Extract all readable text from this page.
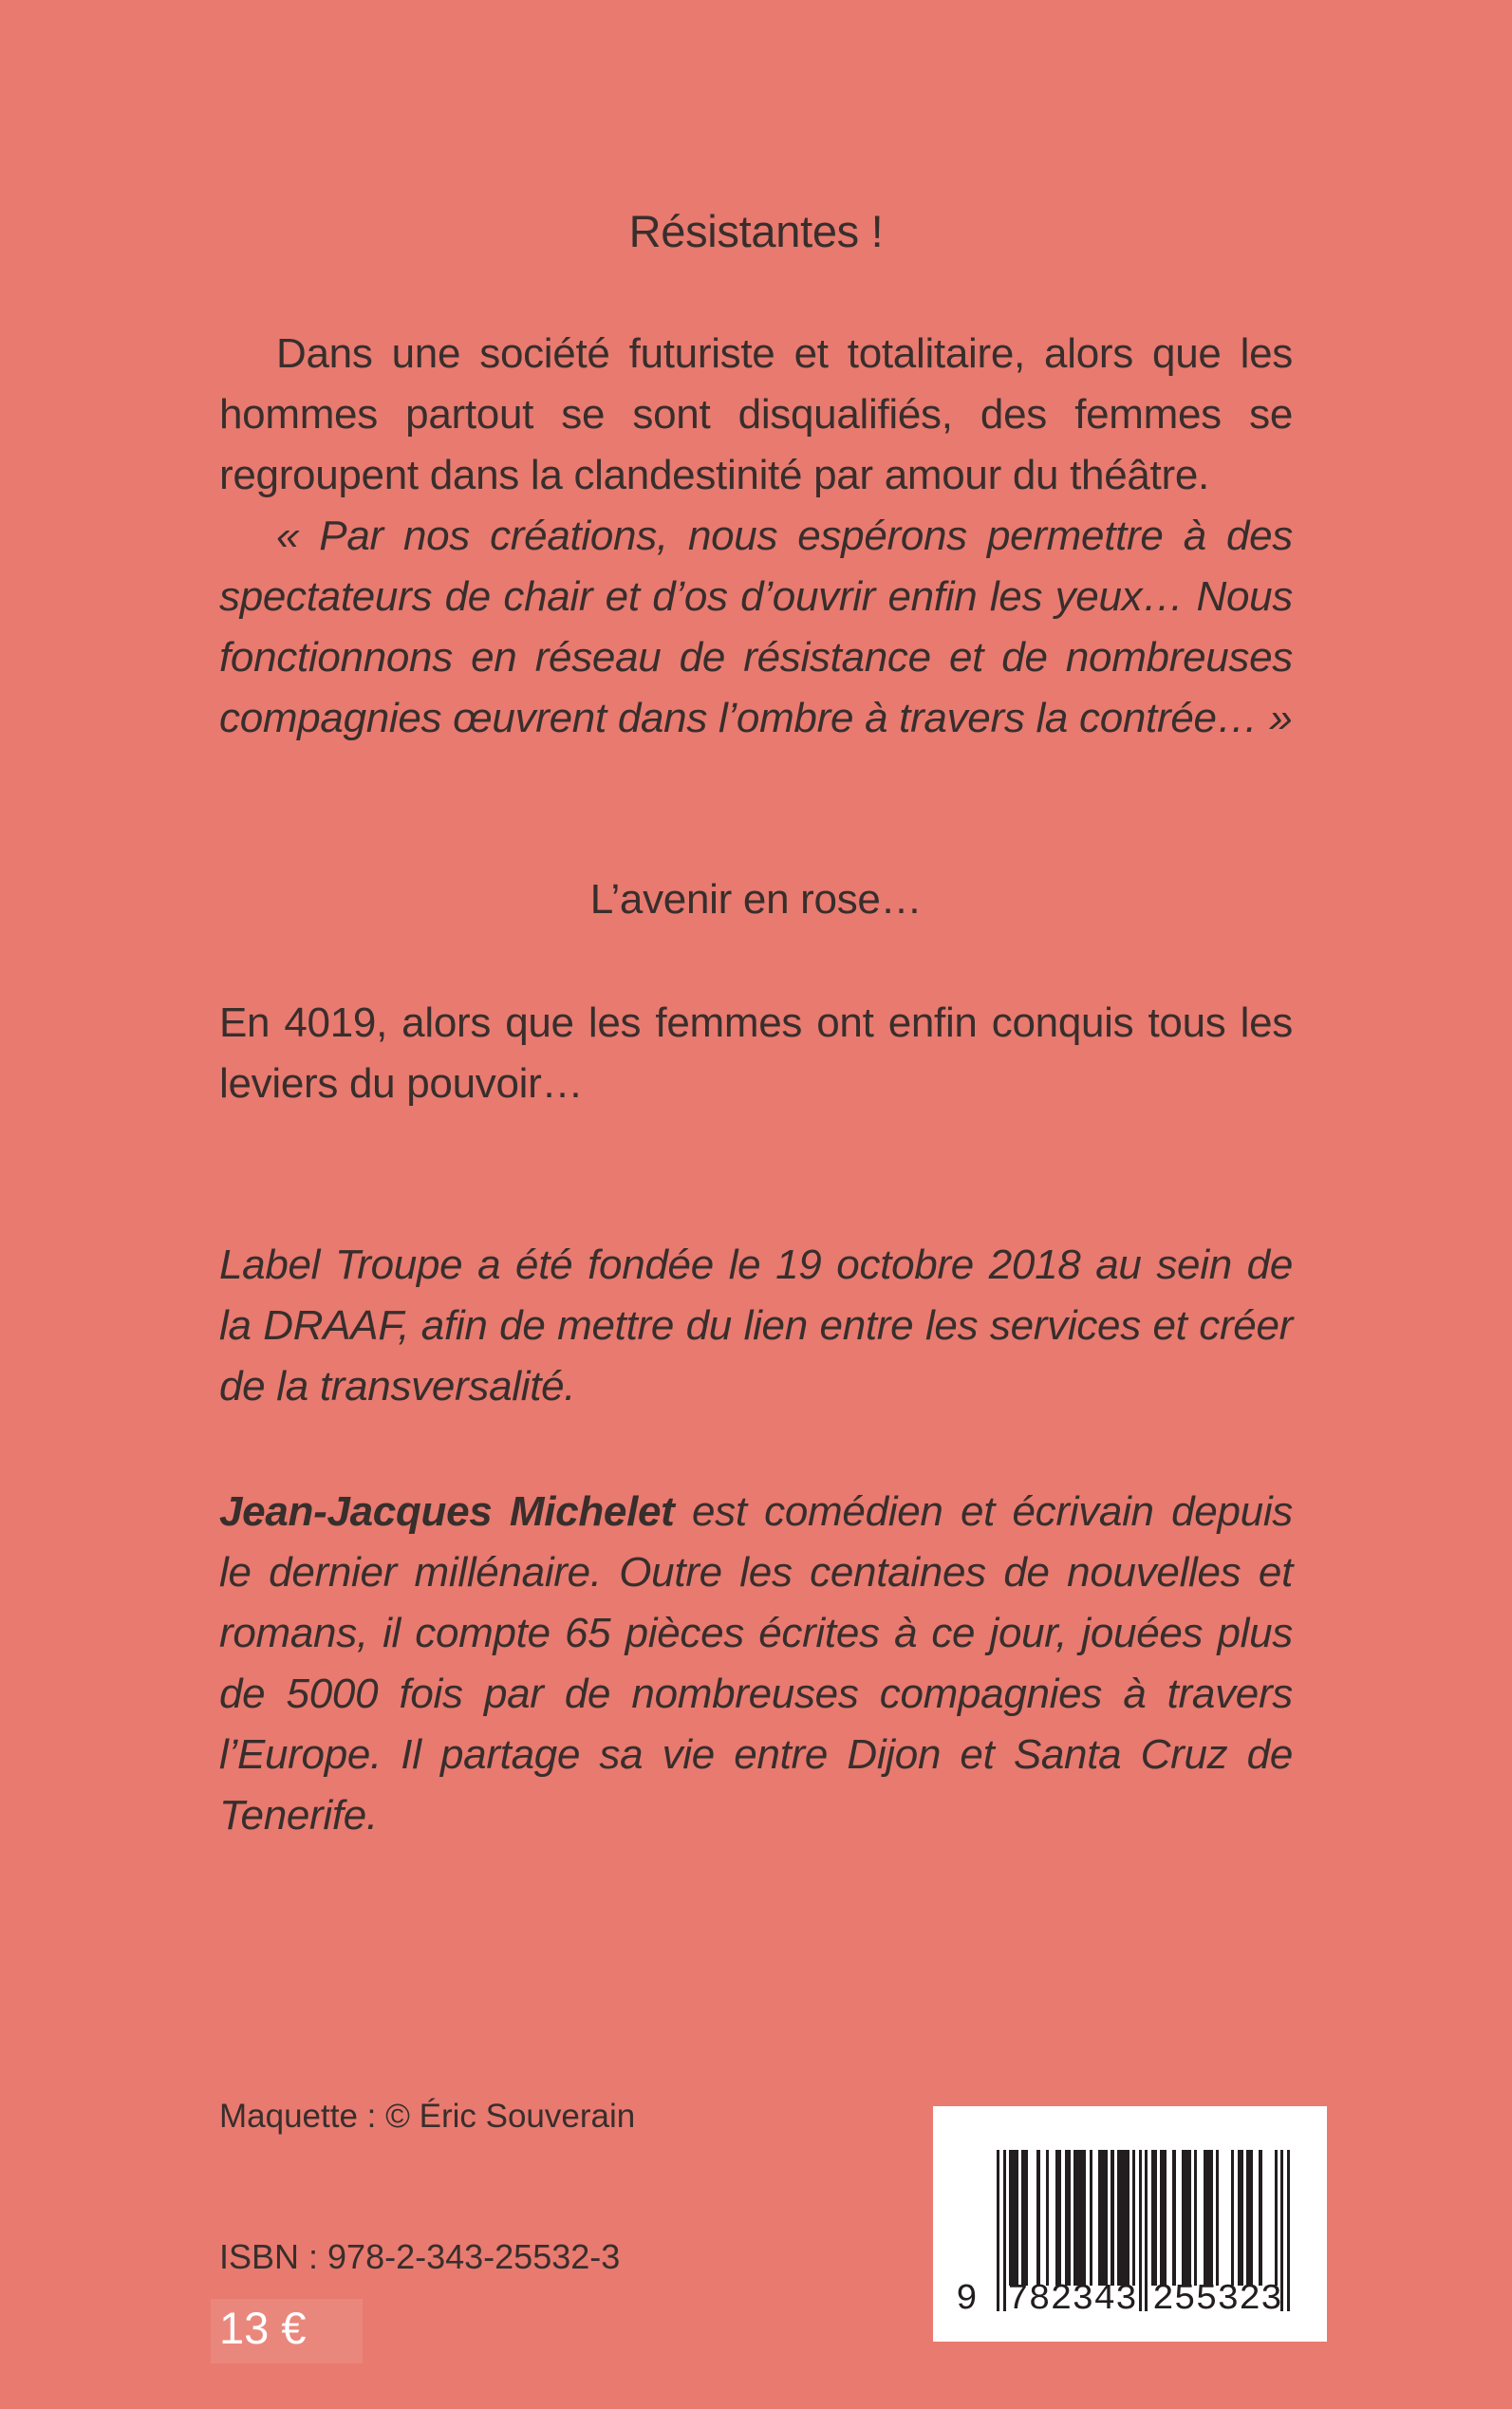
Résistantes !

Dans une société futuriste et totalitaire, alors que les hommes partout se sont disqualifiés, des femmes se regroupent dans la clandestinité par amour du théâtre.

« Par nos créations, nous espérons permettre à des spectateurs de chair et d’os d’ouvrir enfin les yeux… Nous fonctionnons en réseau de résistance et de nombreuses compagnies œuvrent dans l’ombre à travers la contrée… »

L’avenir en rose…

En 4019, alors que les femmes ont enfin conquis tous les leviers du pouvoir…

Label Troupe a été fondée le 19 octobre 2018 au sein de la DRAAF, afin de mettre du lien entre les services et créer de la transversalité.

Jean-Jacques Michelet est comédien et écrivain depuis le dernier millénaire. Outre les centaines de nouvelles et romans, il compte 65 pièces écrites à ce jour, jouées plus de 5000 fois par de nombreuses compagnies à travers l’Europe. Il partage sa vie entre Dijon et Santa Cruz de Tenerife.

Maquette : © Éric Souverain

ISBN : 978-2-343-25532-3

13 €

9 782343 255323
